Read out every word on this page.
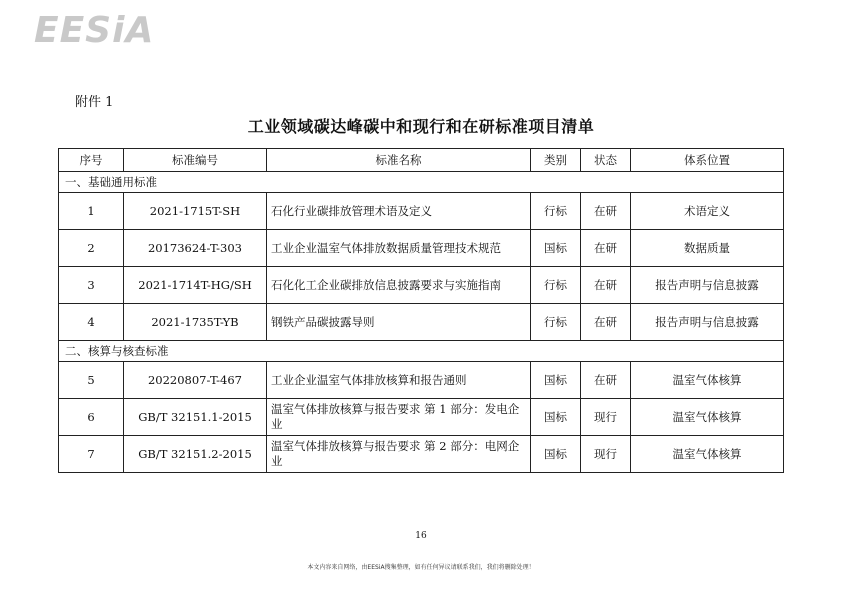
EESiA
附件 1
工业领域碳达峰碳中和现行和在研标准项目清单
序号	标准编号	标准名称	类别	状态	体系位置
一、基础通用标准					
1	2021-1715T-SH	石化行业碳排放管理术语及定义	行标	在研	术语定义
2	20173624-T-303	工业企业温室气体排放数据质量管理技术规范	国标	在研	数据质量
3	2021-1714T-HG/SH	石化化工企业碳排放信息披露要求与实施指南	行标	在研	报告声明与信息披露
4	2021-1735T-YB	钢铁产品碳披露导则	行标	在研	报告声明与信息披露
二、核算与核查标准					
5	20220807-T-467	工业企业温室气体排放核算和报告通则	国标	在研	温室气体核算
6	GB/T 32151.1-2015	温室气体排放核算与报告要求 第 1 部分：发电企业	国标	现行	温室气体核算
7	GB/T 32151.2-2015	温室气体排放核算与报告要求 第 2 部分：电网企业	国标	现行	温室气体核算
16
本文内容来自网络，由EESiA搜集整理，如有任何异议请联系我们，我们将删除处理！
